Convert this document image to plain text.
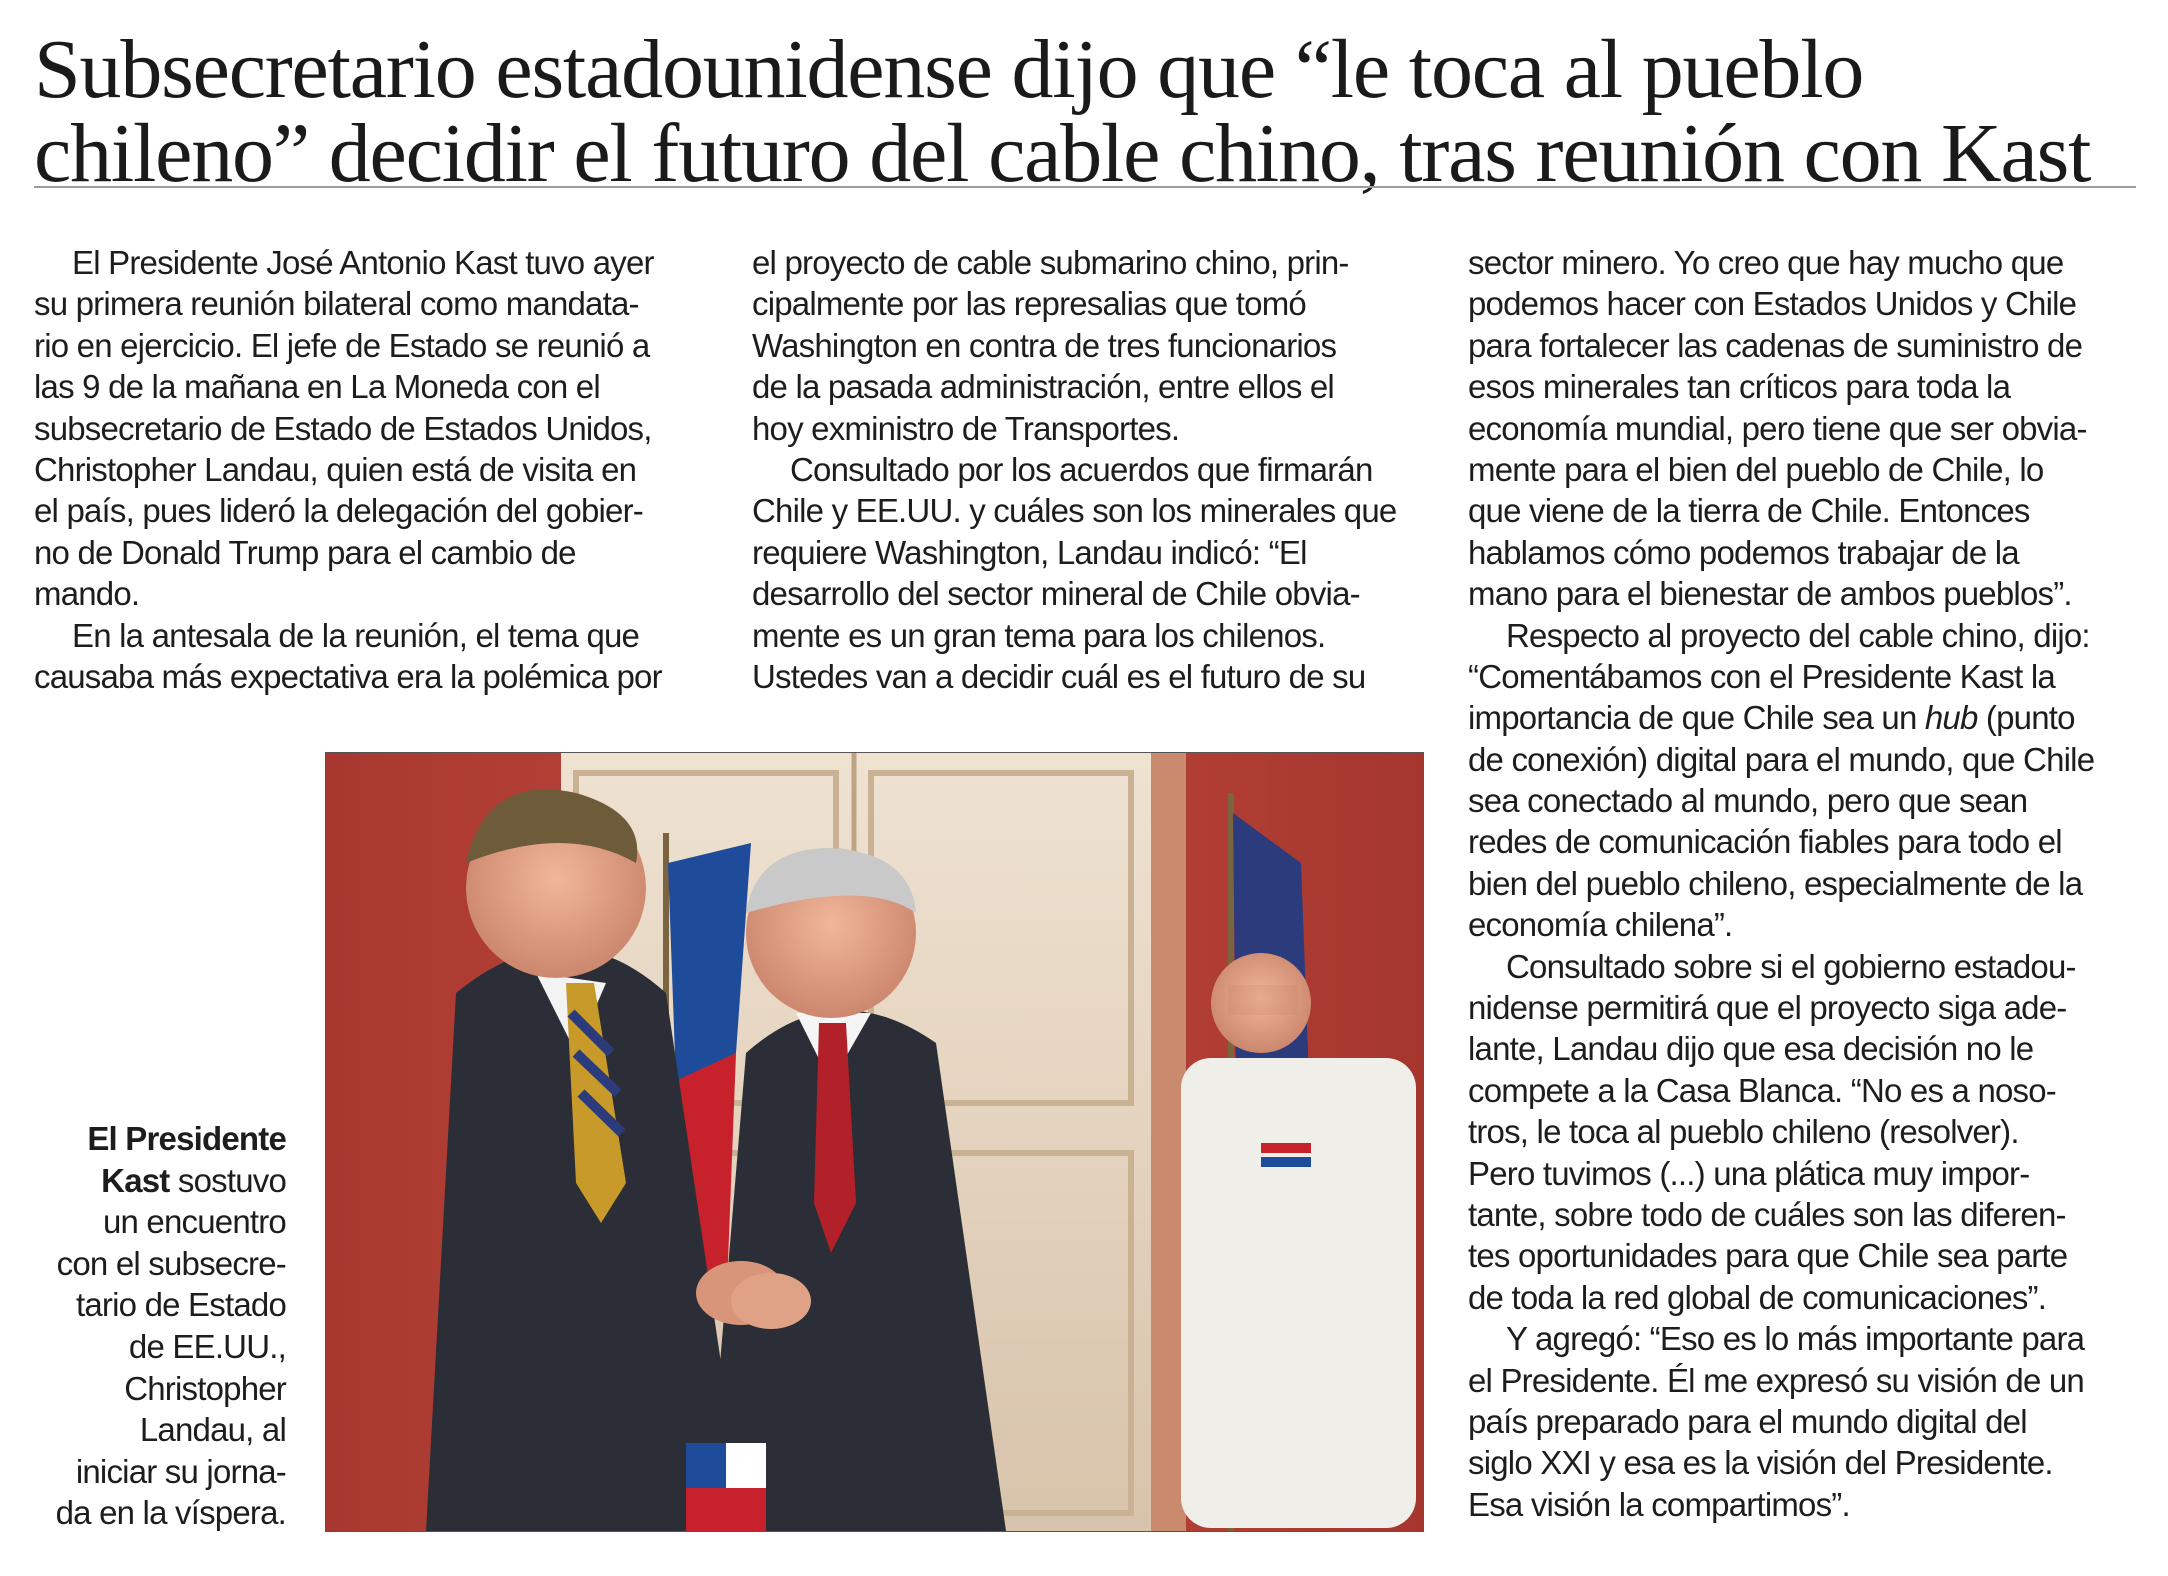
Subsecretario estadounidense dijo que “le toca al pueblo
chileno” decidir el futuro del cable chino, tras reunión con Kast
El Presidente José Antonio Kast tuvo ayer
su primera reunión bilateral como mandata-
rio en ejercicio. El jefe de Estado se reunió a
las 9 de la mañana en La Moneda con el
subsecretario de Estado de Estados Unidos,
Christopher Landau, quien está de visita en
el país, pues lideró la delegación del gobier-
no de Donald Trump para el cambio de
mando.
En la antesala de la reunión, el tema que
causaba más expectativa era la polémica por
el proyecto de cable submarino chino, prin-
cipalmente por las represalias que tomó
Washington en contra de tres funcionarios
de la pasada administración, entre ellos el
hoy exministro de Transportes.
Consultado por los acuerdos que firmarán
Chile y EE.UU. y cuáles son los minerales que
requiere Washington, Landau indicó: “El
desarrollo del sector mineral de Chile obvia-
mente es un gran tema para los chilenos.
Ustedes van a decidir cuál es el futuro de su
sector minero. Yo creo que hay mucho que
podemos hacer con Estados Unidos y Chile
para fortalecer las cadenas de suministro de
esos minerales tan críticos para toda la
economía mundial, pero tiene que ser obvia-
mente para el bien del pueblo de Chile, lo
que viene de la tierra de Chile. Entonces
hablamos cómo podemos trabajar de la
mano para el bienestar de ambos pueblos”.
Respecto al proyecto del cable chino, dijo:
“Comentábamos con el Presidente Kast la
importancia de que Chile sea un hub (punto
de conexión) digital para el mundo, que Chile
sea conectado al mundo, pero que sean
redes de comunicación fiables para todo el
bien del pueblo chileno, especialmente de la
economía chilena”.
Consultado sobre si el gobierno estadou-
nidense permitirá que el proyecto siga ade-
lante, Landau dijo que esa decisión no le
compete a la Casa Blanca. “No es a noso-
tros, le toca al pueblo chileno (resolver).
Pero tuvimos (...) una plática muy impor-
tante, sobre todo de cuáles son las diferen-
tes oportunidades para que Chile sea parte
de toda la red global de comunicaciones”.
Y agregó: “Eso es lo más importante para
el Presidente. Él me expresó su visión de un
país preparado para el mundo digital del
siglo XXI y esa es la visión del Presidente.
Esa visión la compartimos”.
El Presidente
Kast sostuvo
un encuentro
con el subsecre-
tario de Estado
de EE.UU.,
Christopher
Landau, al
iniciar su jorna-
da en la víspera.
